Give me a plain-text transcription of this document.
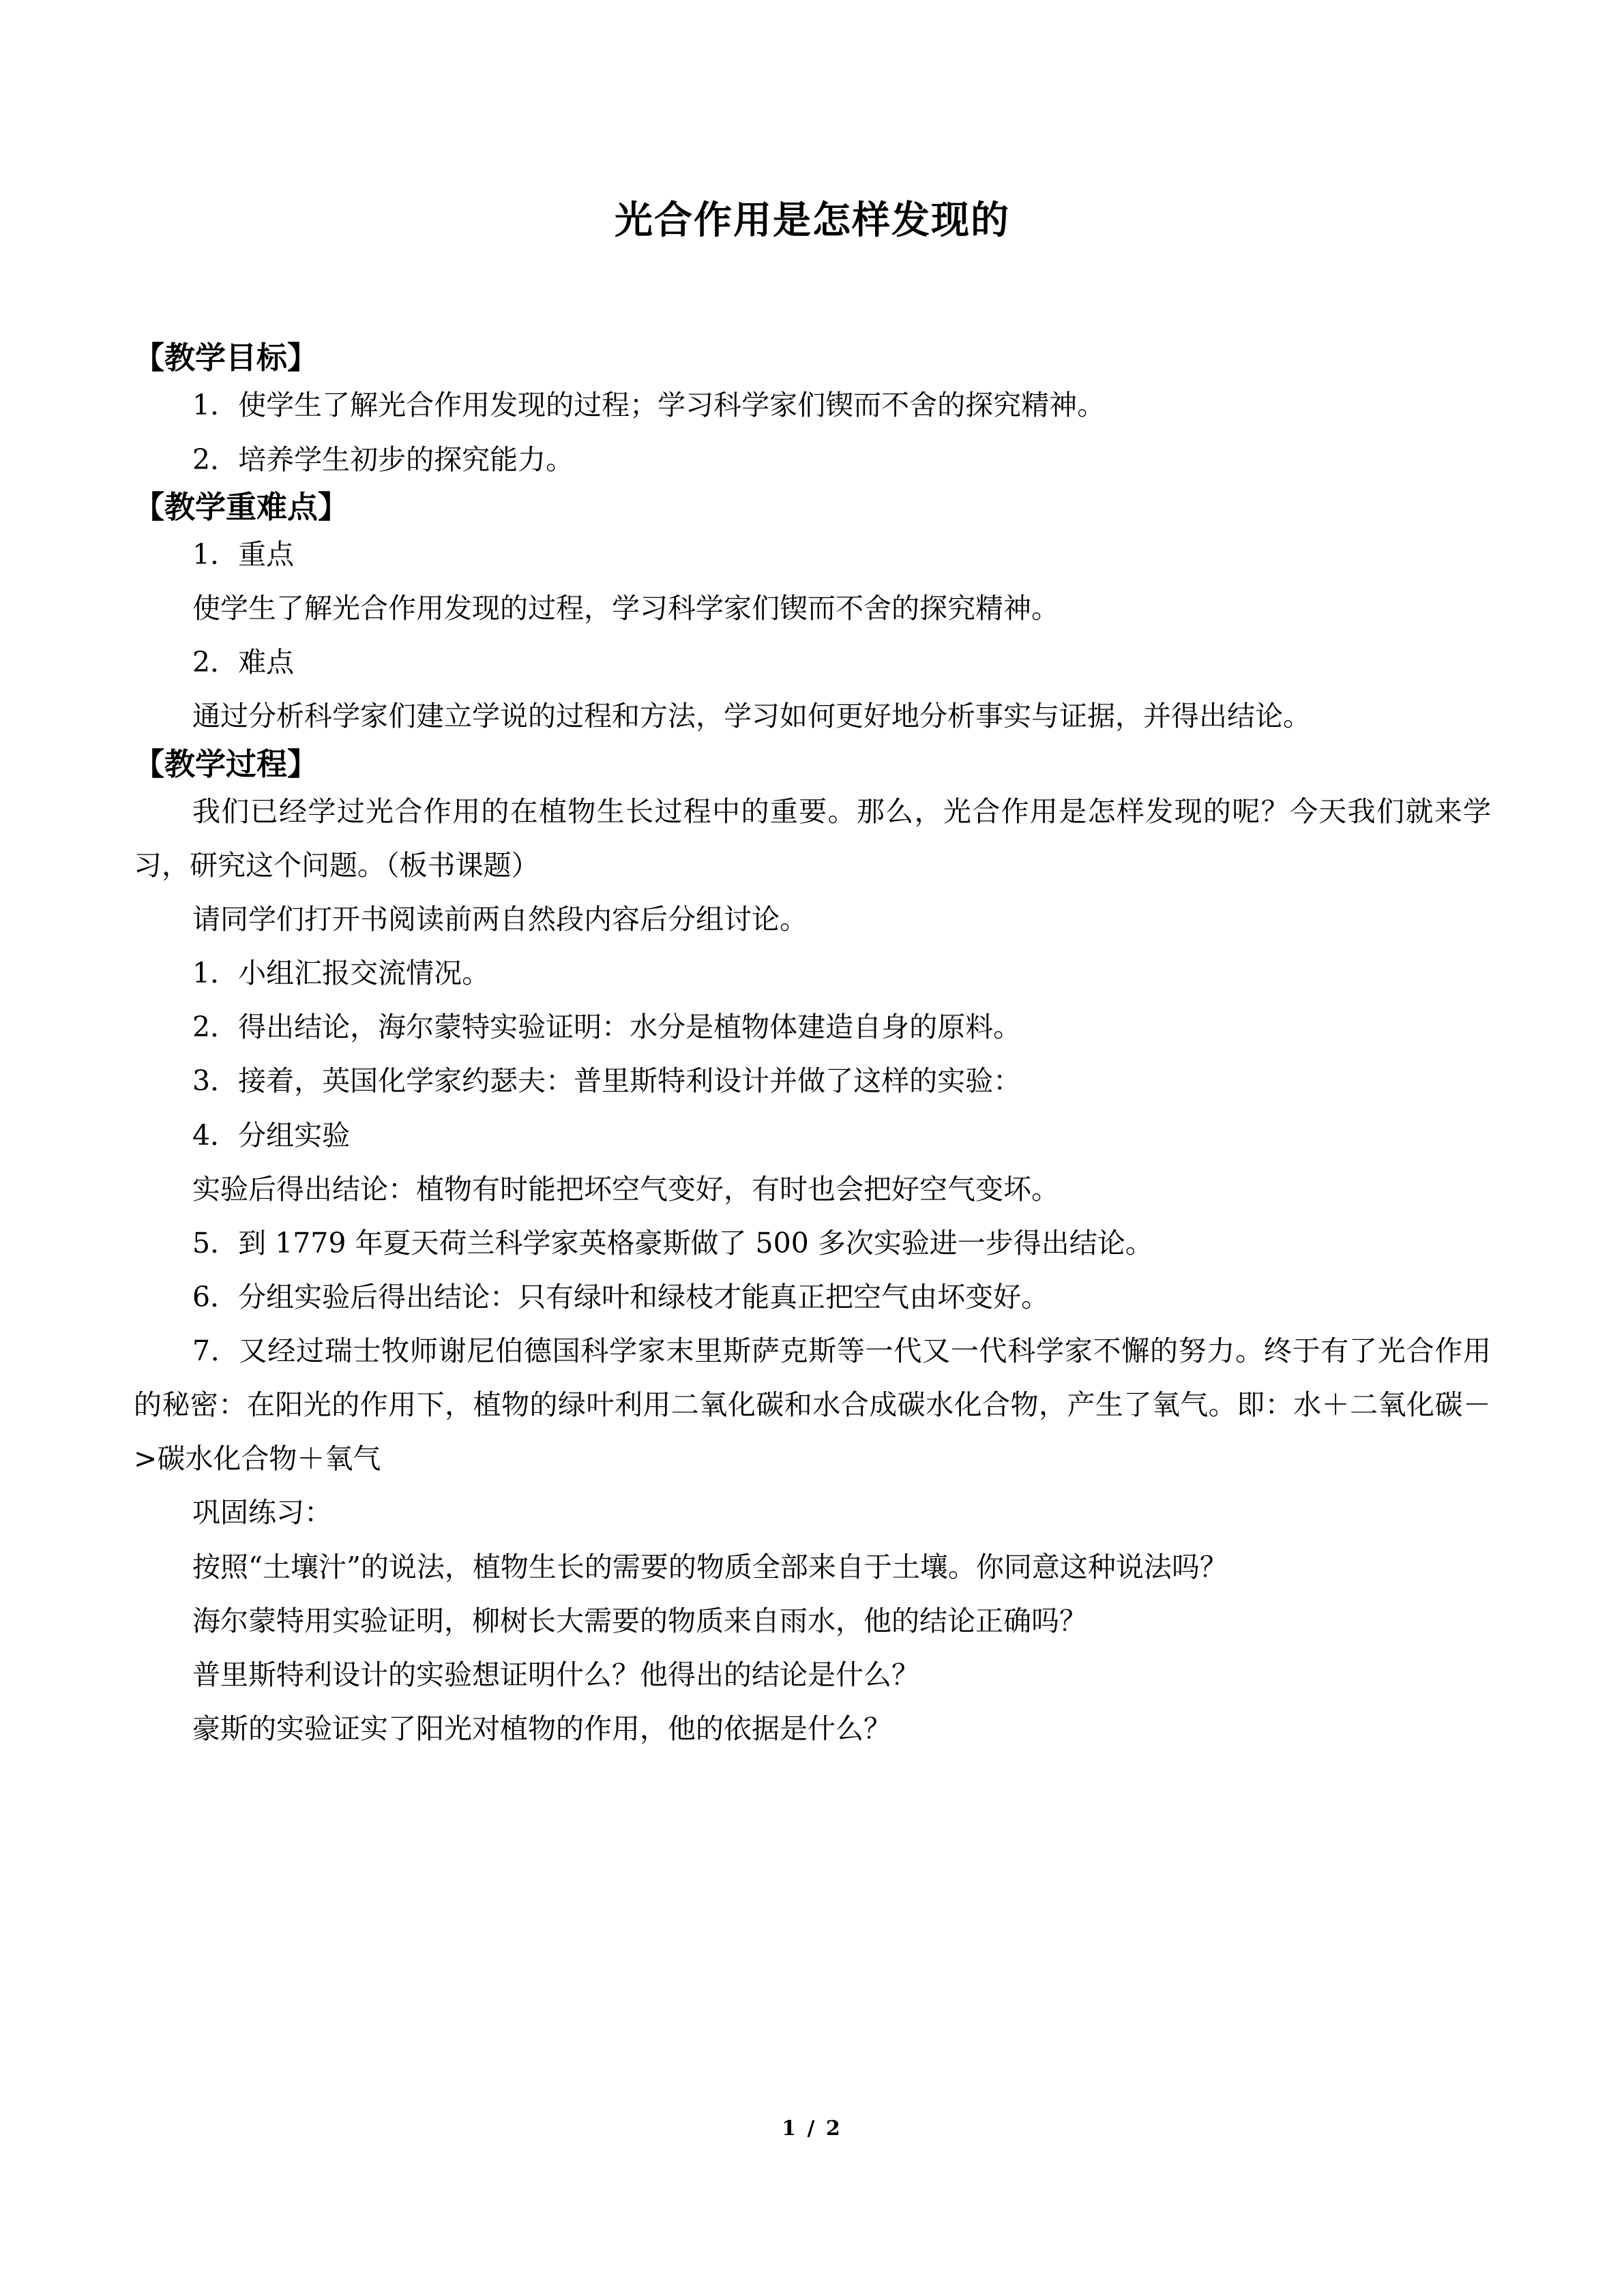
光合作用是怎样发现的
【教学目标】

1．使学生了解光合作用发现的过程；学习科学家们锲而不舍的探究精神。

2．培养学生初步的探究能力。

【教学重难点】

1．重点

使学生了解光合作用发现的过程，学习科学家们锲而不舍的探究精神。

2．难点

通过分析科学家们建立学说的过程和方法，学习如何更好地分析事实与证据，并得出结论。

【教学过程】

我们已经学过光合作用的在植物生长过程中的重要。那么，光合作用是怎样发现的呢？今天我们就来学习，研究这个问题。（板书课题）

请同学们打开书阅读前两自然段内容后分组讨论。

1．小组汇报交流情况。

2．得出结论，海尔蒙特实验证明：水分是植物体建造自身的原料。

3．接着，英国化学家约瑟夫：普里斯特利设计并做了这样的实验：

4．分组实验

实验后得出结论：植物有时能把坏空气变好，有时也会把好空气变坏。

5．到 1779 年夏天荷兰科学家英格豪斯做了 500 多次实验进一步得出结论。

6．分组实验后得出结论：只有绿叶和绿枝才能真正把空气由坏变好。

7．又经过瑞士牧师谢尼伯德国科学家末里斯萨克斯等一代又一代科学家不懈的努力。终于有了光合作用的秘密：在阳光的作用下，植物的绿叶利用二氧化碳和水合成碳水化合物，产生了氧气。即：水＋二氧化碳－>碳水化合物＋氧气

巩固练习：

按照“土壤汁”的说法，植物生长的需要的物质全部来自于土壤。你同意这种说法吗？

海尔蒙特用实验证明，柳树长大需要的物质来自雨水，他的结论正确吗？

普里斯特利设计的实验想证明什么？他得出的结论是什么？

豪斯的实验证实了阳光对植物的作用，他的依据是什么？

1 / 2
